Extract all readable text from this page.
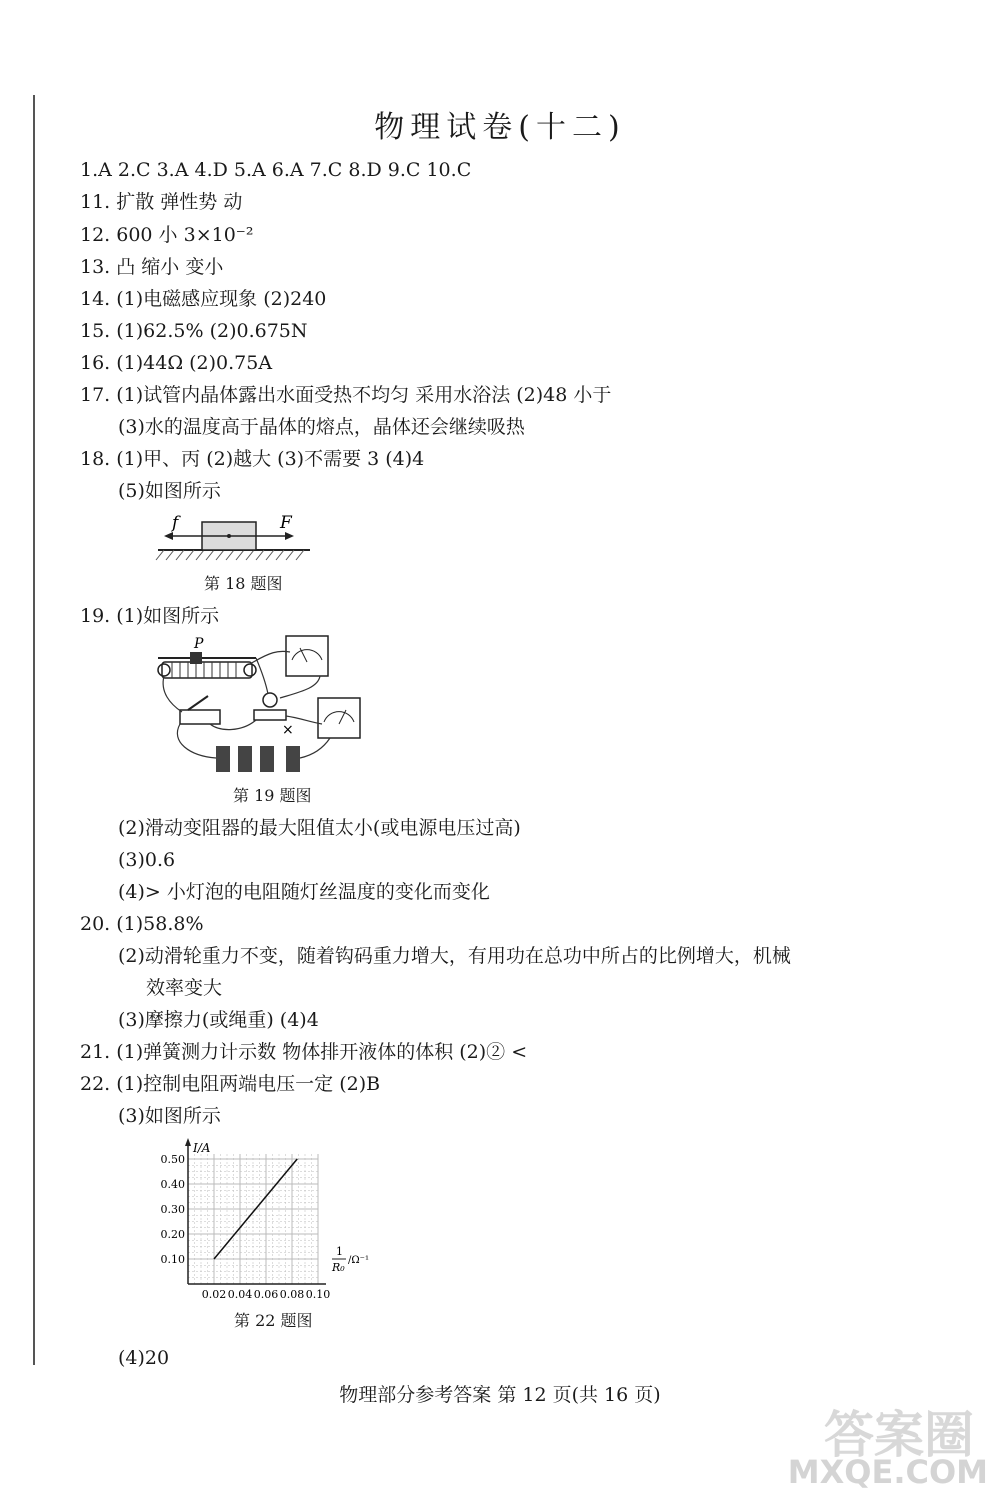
物理试卷(十二)
1.A 2.C 3.A 4.D 5.A 6.A 7.C 8.D 9.C 10.C
11. 扩散 弹性势 动
12. 600 小 3×10⁻²
13. 凸 缩小 变小
14. (1)电磁感应现象 (2)240
15. (1)62.5% (2)0.675N
16. (1)44Ω (2)0.75A
17. (1)试管内晶体露出水面受热不均匀 采用水浴法 (2)48 小于
(3)水的温度高于晶体的熔点，晶体还会继续吸热
18. (1)甲、丙 (2)越大 (3)不需要 3 (4)4
(5)如图所示
f	F
第 18 题图
19. (1)如图所示
P
×
第 19 题图
(2)滑动变阻器的最大阻值太小(或电源电压过高)
(3)0.6
(4)> 小灯泡的电阻随灯丝温度的变化而变化
20. (1)58.8%
(2)动滑轮重力不变，随着钩码重力增大，有用功在总功中所占的比例增大，机械
效率变大
(3)摩擦力(或绳重) (4)4
21. (1)弹簧测力计示数 物体排开液体的体积 (2)② <
22. (1)控制电阻两端电压一定 (2)B
(3)如图所示
0.02 0.04 0.06 0.08 0.10
0.10
0.20
0.30
0.40
0.50
I/A
1
R₀
/Ω⁻¹
第 22 题图
(4)20
物理部分参考答案 第 12 页(共 16 页)
答案圈
MXQE.COM
